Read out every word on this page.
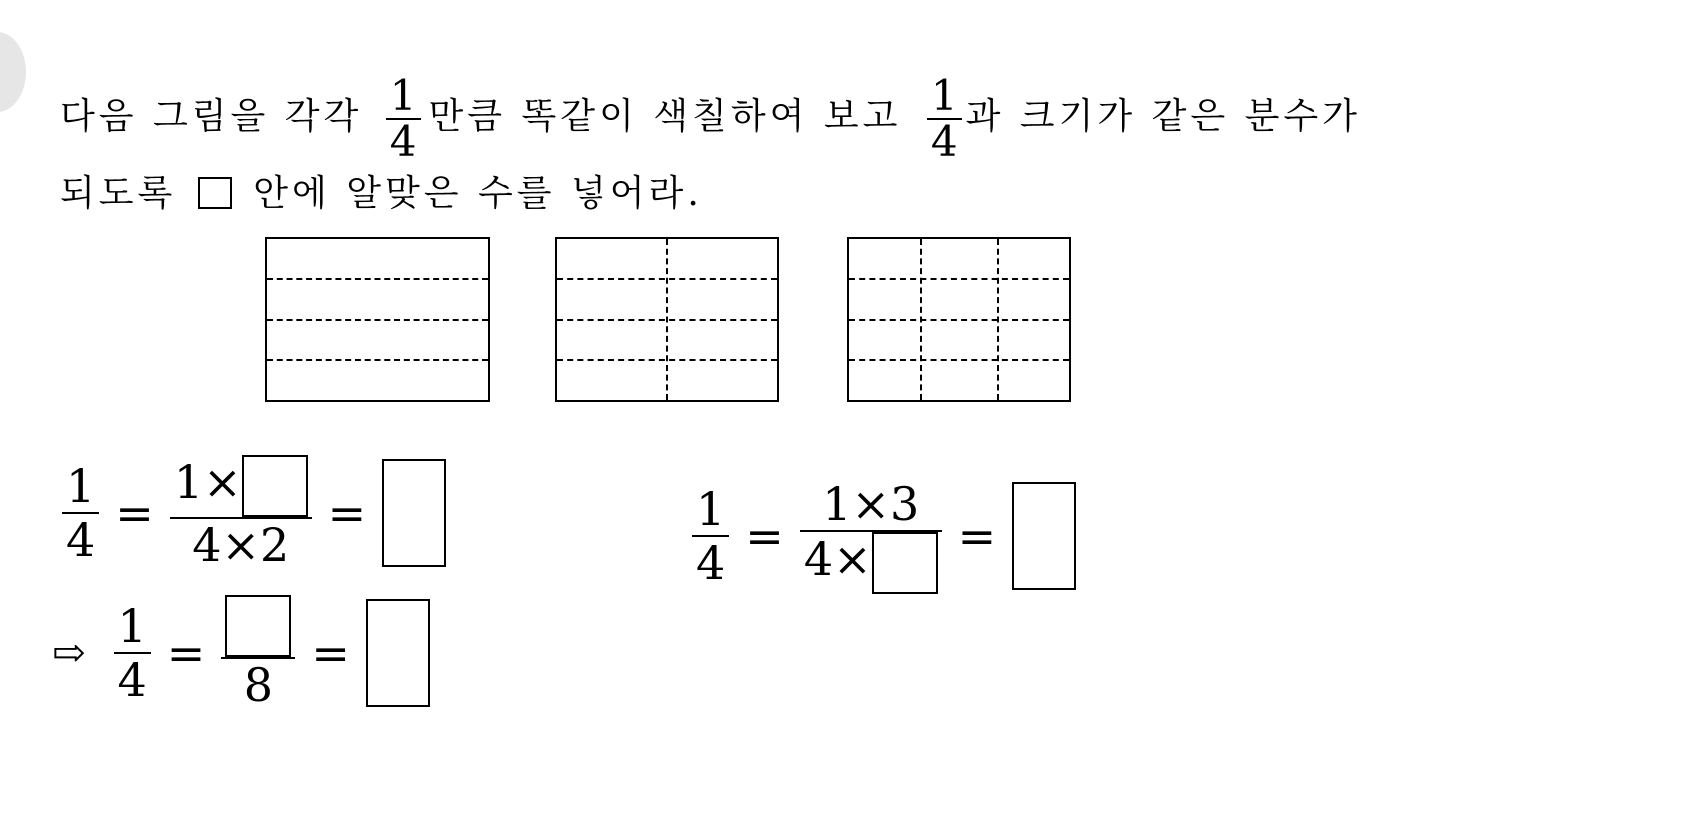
다음 그림을 각각 $\frac{1}{4}$ 만큼 똑같이 색칠하여 보고 $\frac{1}{4}$ 과 크기가 같은 분수가
되도록 안에 알맞은 수를 넣어라.
$\frac{1}{4} = \frac{1\times}{4\times 2}$ =	$\frac{1}{4} = \frac{1\times 3}{4\times}$ =
⇨ $\frac{1}{4}$ =
8
=
